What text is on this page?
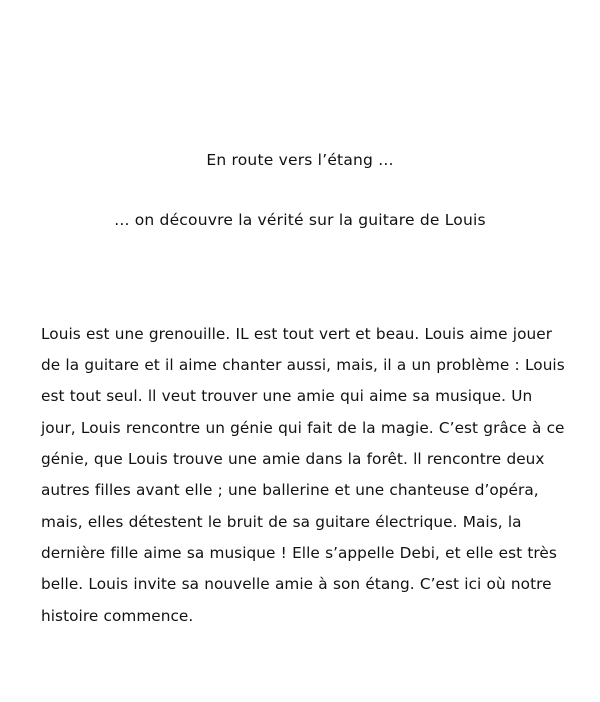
En route vers l’étang ...
... on découvre la vérité sur la guitare de Louis

Louis est une grenouille. IL est tout vert et beau. Louis aime jouer de la guitare et il aime chanter aussi, mais, il a un problème : Louis est tout seul. ll veut trouver une amie qui aime sa musique. Un jour, Louis rencontre un génie qui fait de la magie. C’est grâce à ce génie, que Louis trouve une amie dans la forêt. ll rencontre deux autres filles avant elle ; une ballerine et une chanteuse d’opéra, mais, elles détestent le bruit de sa guitare électrique. Mais, la dernière fille aime sa musique ! Elle s’appelle Debi, et elle est très belle. Louis invite sa nouvelle amie à son étang. C’est ici où notre histoire commence.
